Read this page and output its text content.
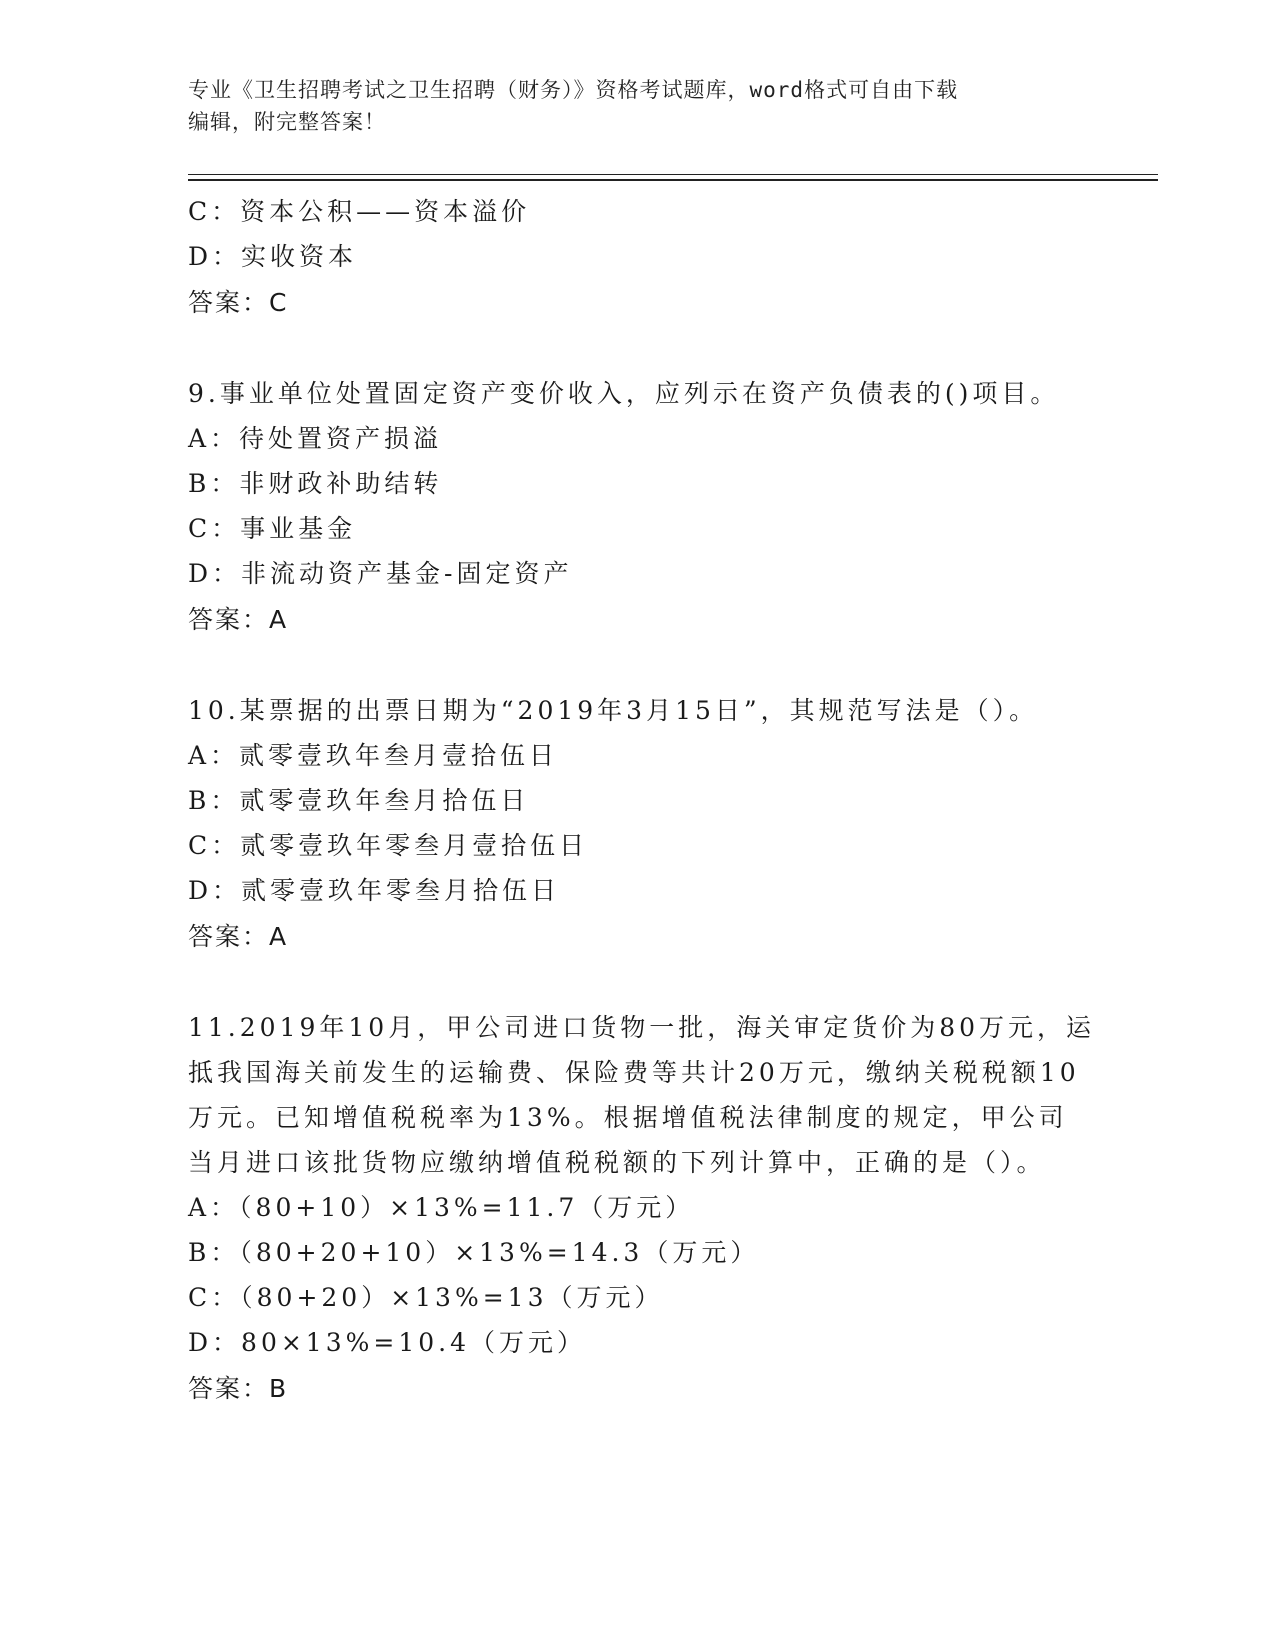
专业《卫生招聘考试之卫生招聘（财务）》资格考试题库，word格式可自由下载
编辑，附完整答案！
C：资本公积——资本溢价
D：实收资本
答案：C
9.事业单位处置固定资产变价收入，应列示在资产负债表的()项目。
A：待处置资产损溢
B：非财政补助结转
C：事业基金
D：非流动资产基金-固定资产
答案：A
10.某票据的出票日期为“2019年3月15日”，其规范写法是（）。
A：贰零壹玖年叁月壹拾伍日
B：贰零壹玖年叁月拾伍日
C：贰零壹玖年零叁月壹拾伍日
D：贰零壹玖年零叁月拾伍日
答案：A
11.2019年10月，甲公司进口货物一批，海关审定货价为80万元，运
抵我国海关前发生的运输费、保险费等共计20万元，缴纳关税税额10
万元。已知增值税税率为13%。根据增值税法律制度的规定，甲公司
当月进口该批货物应缴纳增值税税额的下列计算中，正确的是（）。
A：（80+10）×13%=11.7（万元）
B：（80+20+10）×13%=14.3（万元）
C：（80+20）×13%=13（万元）
D：80×13%=10.4（万元）
答案：B
